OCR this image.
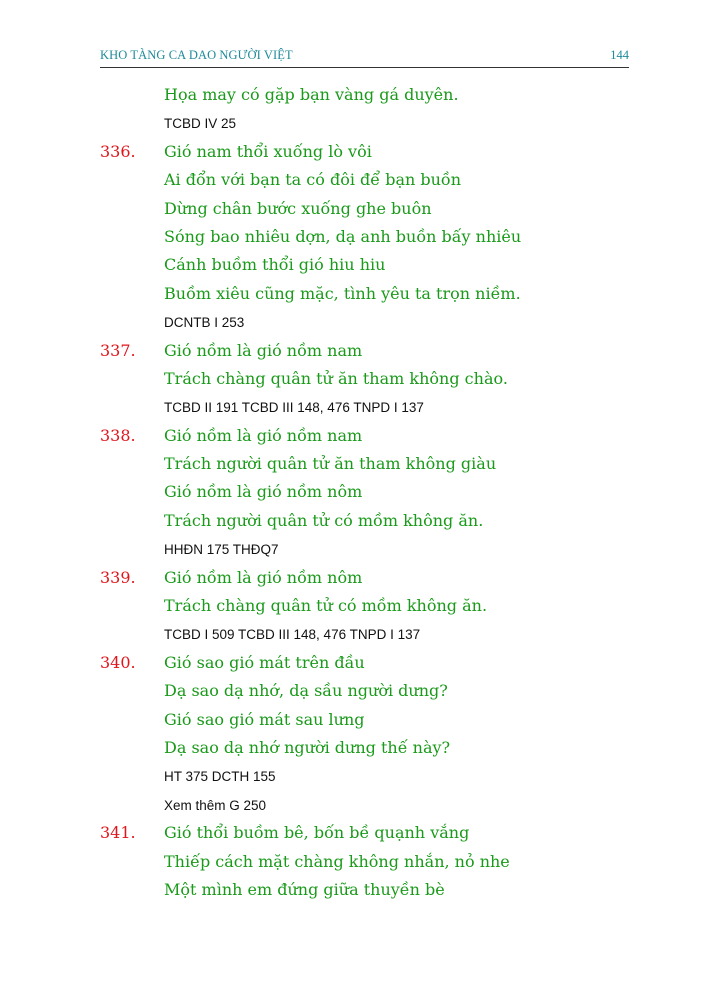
KHO TÀNG CA DAO NGƯỜI VIỆT	144
Họa may có gặp bạn vàng gá duyên.
TCBD IV 25
336. Gió nam thổi xuống lò vôi
Ai đổn với bạn ta có đôi để bạn buồn
Dừng chân bước xuống ghe buôn
Sóng bao nhiêu dợn, dạ anh buồn bấy nhiêu
Cánh buồm thổi gió hiu hiu
Buồm xiêu cũng mặc, tình yêu ta trọn niềm.
DCNTB I 253
337. Gió nồm là gió nồm nam
Trách chàng quân tử ăn tham không chào.
TCBD II 191 TCBD III 148, 476 TNPD I 137
338. Gió nồm là gió nồm nam
Trách người quân tử ăn tham không giàu
Gió nồm là gió nồm nôm
Trách người quân tử có mồm không ăn.
HHĐN 175 THĐQ7
339. Gió nồm là gió nồm nôm
Trách chàng quân tử có mồm không ăn.
TCBD I 509 TCBD III 148, 476 TNPD I 137
340. Gió sao gió mát trên đầu
Dạ sao dạ nhớ, dạ sầu người dưng?
Gió sao gió mát sau lưng
Dạ sao dạ nhớ người dưng thế này?
HT 375 DCTH 155
Xem thêm G 250
341. Gió thổi buồm bê, bốn bề quạnh vắng
Thiếp cách mặt chàng không nhắn, nỏ nhe
Một mình em đứng giữa thuyền bè
